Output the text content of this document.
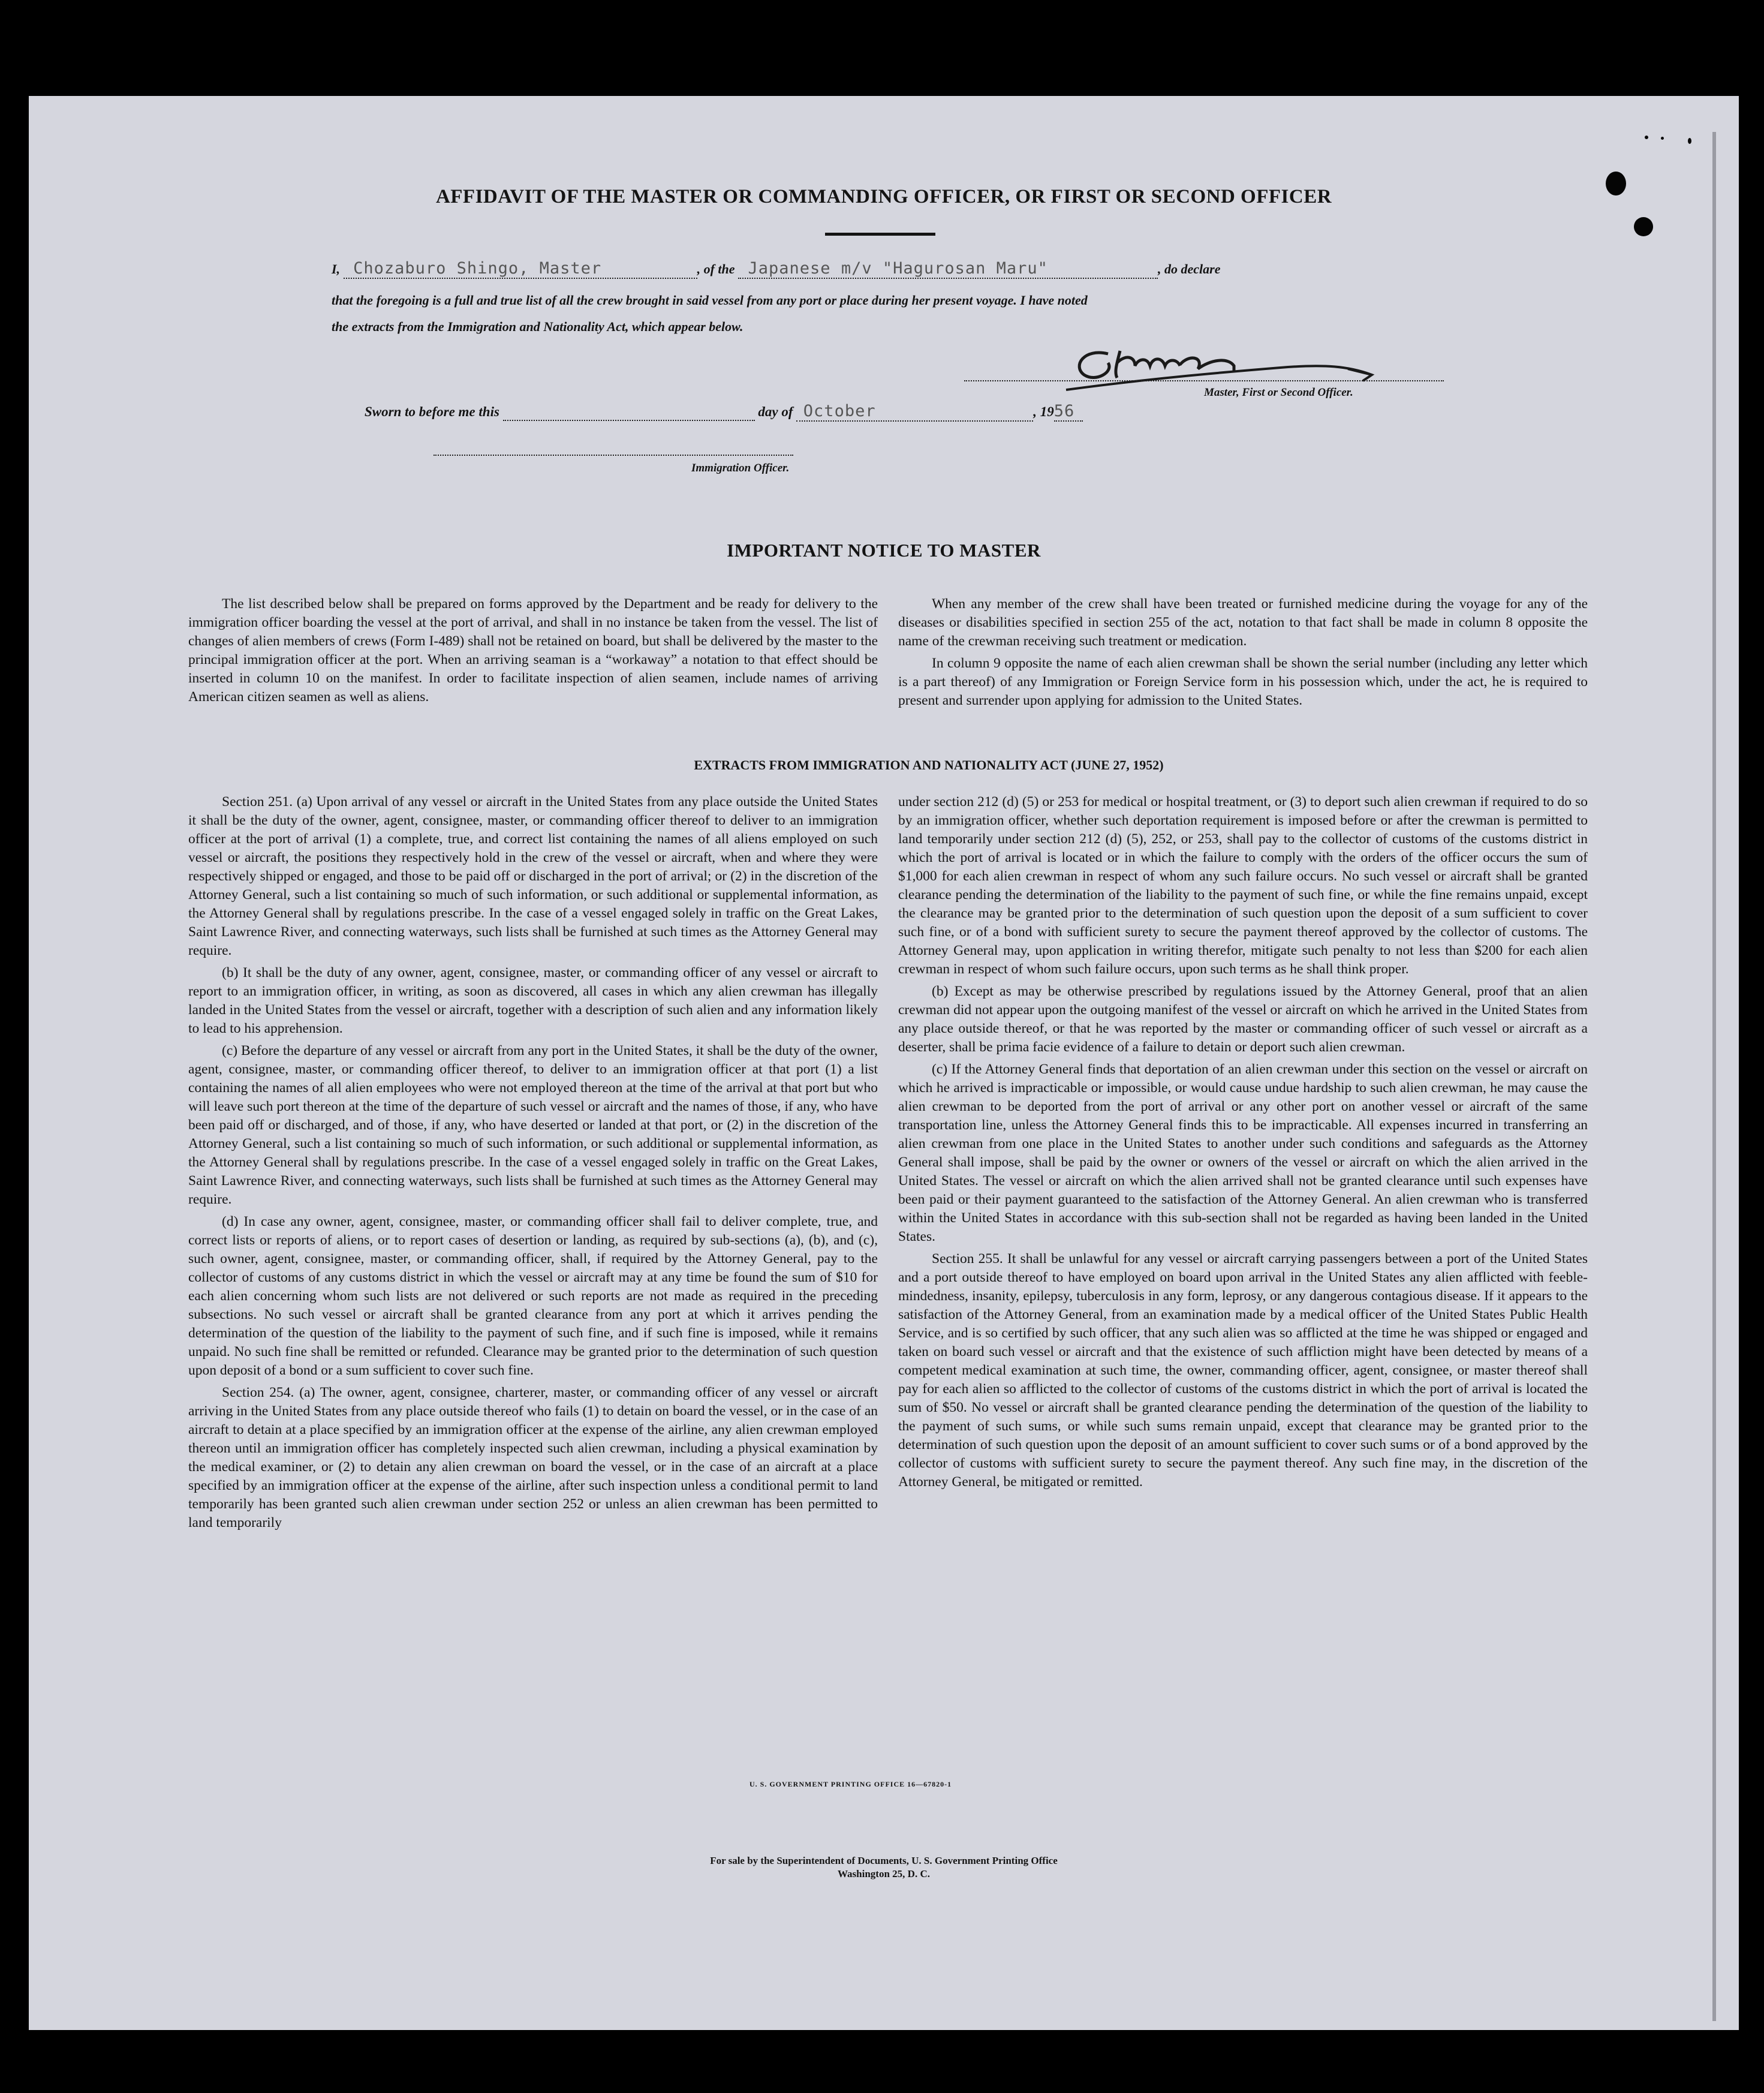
AFFIDAVIT OF THE MASTER OR COMMANDING OFFICER, OR FIRST OR SECOND OFFICER
I, Chozaburo Shingo, Master	, of the Japanese m/v "Hagurosan Maru"	, do declare
that the foregoing is a full and true list of all the crew brought in said vessel from any port or place during her present voyage. I have noted
the extracts from the Immigration and Nationality Act, which appear below.
Master, First or Second Officer.
Sworn to before me this	day of October	, 1956
Immigration Officer.
IMPORTANT NOTICE TO MASTER

The list described below shall be prepared on forms approved by the Department and be ready for delivery to the immigration officer boarding the vessel at the port of arrival, and shall in no instance be taken from the vessel. The list of changes of alien members of crews (Form I-489) shall not be retained on board, but shall be delivered by the master to the principal immigration officer at the port. When an arriving seaman is a “workaway” a notation to that effect should be inserted in column 10 on the manifest. In order to facilitate inspection of alien seamen, include names of arriving American citizen seamen as well as aliens.

When any member of the crew shall have been treated or furnished medicine during the voyage for any of the diseases or disabilities specified in section 255 of the act, notation to that fact shall be made in column 8 opposite the name of the crewman receiving such treatment or medication.

In column 9 opposite the name of each alien crewman shall be shown the serial number (including any letter which is a part thereof) of any Immigration or Foreign Service form in his possession which, under the act, he is required to present and surrender upon applying for admission to the United States.

EXTRACTS FROM IMMIGRATION AND NATIONALITY ACT (JUNE 27, 1952)

Section 251. (a) Upon arrival of any vessel or aircraft in the United States from any place outside the United States it shall be the duty of the owner, agent, consignee, master, or commanding officer thereof to deliver to an immigration officer at the port of arrival (1) a complete, true, and correct list containing the names of all aliens employed on such vessel or aircraft, the positions they respectively hold in the crew of the vessel or aircraft, when and where they were respectively shipped or engaged, and those to be paid off or discharged in the port of arrival; or (2) in the discretion of the Attorney General, such a list containing so much of such information, or such additional or supplemental information, as the Attorney General shall by regulations prescribe. In the case of a vessel engaged solely in traffic on the Great Lakes, Saint Lawrence River, and connecting waterways, such lists shall be furnished at such times as the Attorney General may require.

(b) It shall be the duty of any owner, agent, consignee, master, or commanding officer of any vessel or aircraft to report to an immigration officer, in writing, as soon as discovered, all cases in which any alien crewman has illegally landed in the United States from the vessel or aircraft, together with a description of such alien and any information likely to lead to his apprehension.

(c) Before the departure of any vessel or aircraft from any port in the United States, it shall be the duty of the owner, agent, consignee, master, or commanding officer thereof, to deliver to an immigration officer at that port (1) a list containing the names of all alien employees who were not employed thereon at the time of the arrival at that port but who will leave such port thereon at the time of the departure of such vessel or aircraft and the names of those, if any, who have been paid off or discharged, and of those, if any, who have deserted or landed at that port, or (2) in the discretion of the Attorney General, such a list containing so much of such information, or such additional or supplemental information, as the Attorney General shall by regulations prescribe. In the case of a vessel engaged solely in traffic on the Great Lakes, Saint Lawrence River, and connecting waterways, such lists shall be furnished at such times as the Attorney General may require.

(d) In case any owner, agent, consignee, master, or commanding officer shall fail to deliver complete, true, and correct lists or reports of aliens, or to report cases of desertion or landing, as required by sub-sections (a), (b), and (c), such owner, agent, consignee, master, or commanding officer, shall, if required by the Attorney General, pay to the collector of customs of any customs district in which the vessel or aircraft may at any time be found the sum of $10 for each alien concerning whom such lists are not delivered or such reports are not made as required in the preceding subsections. No such vessel or aircraft shall be granted clearance from any port at which it arrives pending the determination of the question of the liability to the payment of such fine, and if such fine is imposed, while it remains unpaid. No such fine shall be remitted or refunded. Clearance may be granted prior to the determination of such question upon deposit of a bond or a sum sufficient to cover such fine.

Section 254. (a) The owner, agent, consignee, charterer, master, or commanding officer of any vessel or aircraft arriving in the United States from any place outside thereof who fails (1) to detain on board the vessel, or in the case of an aircraft to detain at a place specified by an immigration officer at the expense of the airline, any alien crewman employed thereon until an immigration officer has completely inspected such alien crewman, including a physical examination by the medical examiner, or (2) to detain any alien crewman on board the vessel, or in the case of an aircraft at a place specified by an immigration officer at the expense of the airline, after such inspection unless a conditional permit to land temporarily has been granted such alien crewman under section 252 or unless an alien crewman has been permitted to land temporarily

under section 212 (d) (5) or 253 for medical or hospital treatment, or (3) to deport such alien crewman if required to do so by an immigration officer, whether such deportation requirement is imposed before or after the crewman is permitted to land temporarily under section 212 (d) (5), 252, or 253, shall pay to the collector of customs of the customs district in which the port of arrival is located or in which the failure to comply with the orders of the officer occurs the sum of $1,000 for each alien crewman in respect of whom any such failure occurs. No such vessel or aircraft shall be granted clearance pending the determination of the liability to the payment of such fine, or while the fine remains unpaid, except the clearance may be granted prior to the determination of such question upon the deposit of a sum sufficient to cover such fine, or of a bond with sufficient surety to secure the payment thereof approved by the collector of customs. The Attorney General may, upon application in writing therefor, mitigate such penalty to not less than $200 for each alien crewman in respect of whom such failure occurs, upon such terms as he shall think proper.

(b) Except as may be otherwise prescribed by regulations issued by the Attorney General, proof that an alien crewman did not appear upon the outgoing manifest of the vessel or aircraft on which he arrived in the United States from any place outside thereof, or that he was reported by the master or commanding officer of such vessel or aircraft as a deserter, shall be prima facie evidence of a failure to detain or deport such alien crewman.

(c) If the Attorney General finds that deportation of an alien crewman under this section on the vessel or aircraft on which he arrived is impracticable or impossible, or would cause undue hardship to such alien crewman, he may cause the alien crewman to be deported from the port of arrival or any other port on another vessel or aircraft of the same transportation line, unless the Attorney General finds this to be impracticable. All expenses incurred in transferring an alien crewman from one place in the United States to another under such conditions and safeguards as the Attorney General shall impose, shall be paid by the owner or owners of the vessel or aircraft on which the alien arrived in the United States. The vessel or aircraft on which the alien arrived shall not be granted clearance until such expenses have been paid or their payment guaranteed to the satisfaction of the Attorney General. An alien crewman who is transferred within the United States in accordance with this sub-section shall not be regarded as having been landed in the United States.

Section 255. It shall be unlawful for any vessel or aircraft carrying passengers between a port of the United States and a port outside thereof to have employed on board upon arrival in the United States any alien afflicted with feeble-mindedness, insanity, epilepsy, tuberculosis in any form, leprosy, or any dangerous contagious disease. If it appears to the satisfaction of the Attorney General, from an examination made by a medical officer of the United States Public Health Service, and is so certified by such officer, that any such alien was so afflicted at the time he was shipped or engaged and taken on board such vessel or aircraft and that the existence of such affliction might have been detected by means of a competent medical examination at such time, the owner, commanding officer, agent, consignee, or master thereof shall pay for each alien so afflicted to the collector of customs of the customs district in which the port of arrival is located the sum of $50. No vessel or aircraft shall be granted clearance pending the determination of the question of the liability to the payment of such sums, or while such sums remain unpaid, except that clearance may be granted prior to the determination of such question upon the deposit of an amount sufficient to cover such sums or of a bond approved by the collector of customs with sufficient surety to secure the payment thereof. Any such fine may, in the discretion of the Attorney General, be mitigated or remitted.

U. S. GOVERNMENT PRINTING OFFICE 16—67820-1
For sale by the Superintendent of Documents, U. S. Government Printing Office
Washington 25, D. C.
